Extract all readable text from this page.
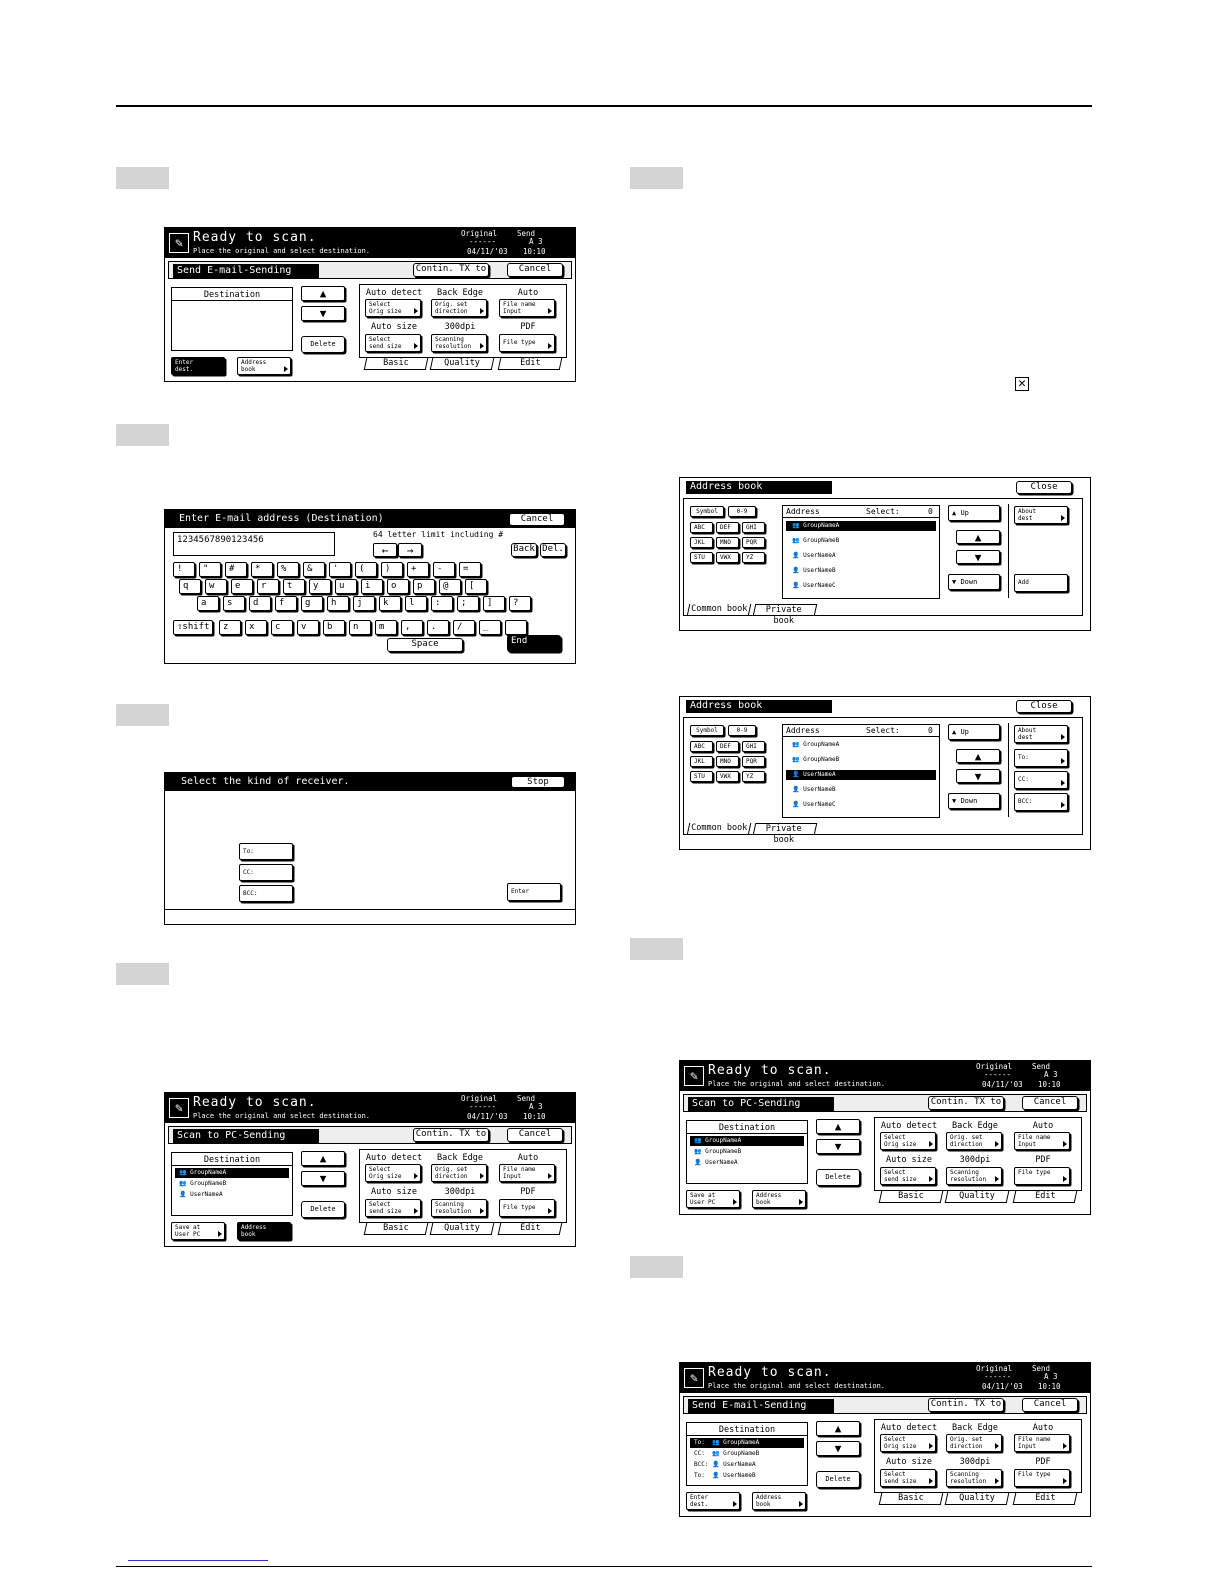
✕
✎ Ready to scan.
Place the original and select destination.
Original
------
Send
A 3
04/11/'03 10:10
Send E-mail-Sending	Contin. TX to	Cancel
Destination	▲
▼
Delete
Enter
dest.
Address
book
Auto detect	Back Edge	Auto
Select
Orig size
Orig. set
direction
File name
Input
Auto size	300dpi	PDF
Select
send size
Scanning
resolution
File type
Basic	Quality	Edit
Enter E-mail address (Destination)	Cancel
1234567890123456
64 letter limit including #
←	→	Back Del.
⇧shift
Space	End
!	"	#	*	%	&	'	(	)	+	-	=
q	w	e	r	t	y	u	i	o	p	@	[
a	s	d	f	g	h	j	k	l	:	;	]	?
z	x	c	v	b	n	m	,	.	/	_
Select the kind of receiver.	Stop
To:
CC:
BCC:	Enter
✎ Ready to scan.
Place the original and select destination.
Original
------
Send
A 3
04/11/'03 10:10
Scan to PC-Sending	Contin. TX to	Cancel
Destination
👥 GroupNameA
👥 GroupNameB
👤 UserNameA
▲
▼
Delete
Save at
User PC
Address
book
Auto detect	Back Edge	Auto
Select
Orig size
Orig. set
direction
File name
Input
Auto size	300dpi	PDF
Select
send size
Scanning
resolution
File type
Basic	Quality	Edit
Address book	Close
Symbol	0-9
ABC	DEF	GHI
JKL	MNO	PQR
STU	VWX	YZ
Address	Select:	0
👥 GroupNameA
👥 GroupNameB
👤 UserNameA
👤 UserNameB
👤 UserNameC
▲ Up
▲
▼
▼ Down
About
dest
Add
Common book	Private book
Address book	Close
Symbol	0-9
ABC	DEF	GHI
JKL	MNO	PQR
STU	VWX	YZ
Address	Select:	0
👥 GroupNameA
👥 GroupNameB
👤 UserNameA
👤 UserNameB
👤 UserNameC
▲ Up
▲
▼
▼ Down
About
dest
To:
CC:
BCC:
Common book	Private book
✎ Ready to scan.
Place the original and select destination.
Original
------
Send
A 3
04/11/'03 10:10
Scan to PC-Sending	Contin. TX to	Cancel
Destination
👥 GroupNameA
👥 GroupNameB
👤 UserNameA
▲
▼
Delete
Save at
User PC
Address
book
Auto detect	Back Edge	Auto
Auto size	300dpi	PDF
Select
Orig size
Orig. set
direction
File name
Input
Select
send size
Scanning
resolution
File type
Basic	Quality	Edit
✎ Ready to scan.
Place the original and select destination.
Original
------
Send
A 3
04/11/'03 10:10
Send E-mail-Sending	Contin. TX to	Cancel
Destination
To: 👥 GroupNameA
CC: 👥 GroupNameB
BCC: 👤 UserNameA
To: 👤 UserNameB
▲
▼
Delete
Enter
dest.
Address
book
Auto detect	Back Edge	Auto
Auto size	300dpi	PDF
Select
Orig size
Orig. set
direction
File name
Input
Select
send size
Scanning
resolution
File type
Basic	Quality	Edit
